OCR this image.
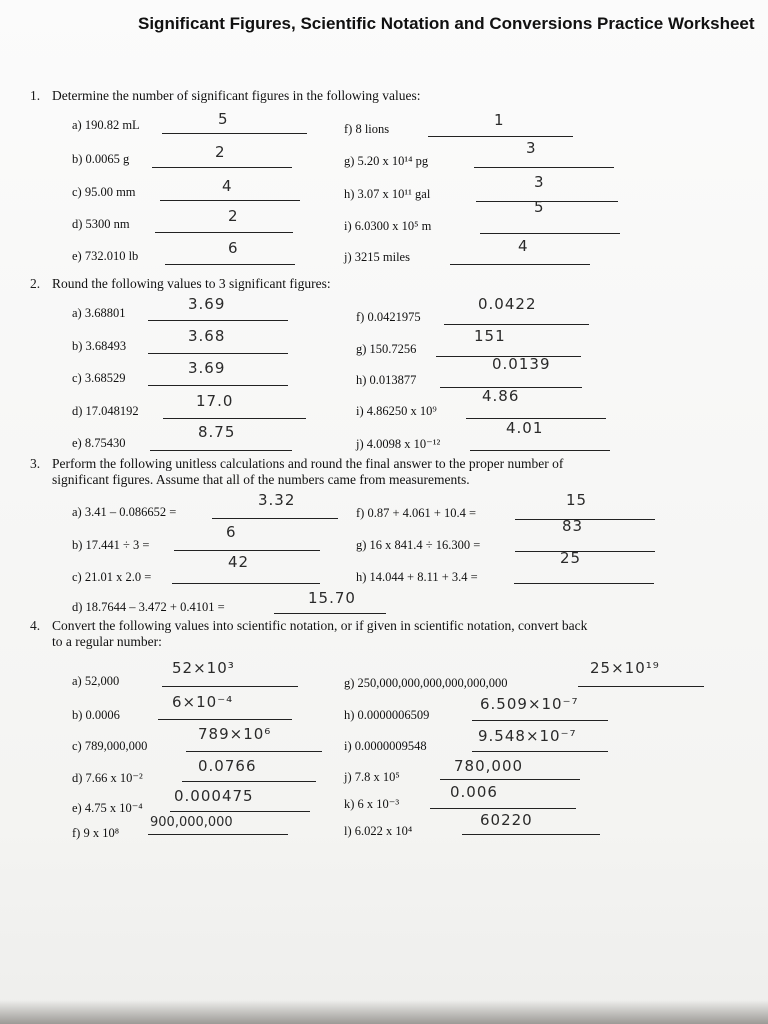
Significant Figures, Scientific Notation and Conversions Practice Worksheet
1. Determine the number of significant figures in the following values:
a) 190.82 mL	5
b) 0.0065 g	2
c) 95.00 mm	4
d) 5300 nm	2
e) 732.010 lb	6
f) 8 lions	1
g) 5.20 x 10¹⁴ pg
3
h) 3.07 x 10¹¹ gal
3
i) 6.0300 x 10⁵ m
5
j) 3215 miles
4
2. Round the following values to 3 significant figures:
a) 3.68801	3.69
b) 3.68493
3.68
c) 3.68529
3.69
d) 17.048192
17.0
e) 8.75430
8.75
f) 0.0421975
0.0422
g) 150.7256
151
h) 0.013877
0.0139
i) 4.86250 x 10⁹
4.86
j) 4.0098 x 10⁻¹²
4.01
3. Perform the following unitless calculations and round the final answer to the proper number of
significant figures. Assume that all of the numbers came from measurements.
a) 3.41 – 0.086652 =
3.32
b) 17.441 ÷ 3 =
6
c) 21.01 x 2.0 =
42
d) 18.7644 – 3.472 + 0.4101 =	15.70
f) 0.87 + 4.061 + 10.4 =
15
g) 16 x 841.4 ÷ 16.300 =
83
h) 14.044 + 8.11 + 3.4 =
25
4. Convert the following values into scientific notation, or if given in scientific notation, convert back
to a regular number:
a) 52,000
52×10³
b) 0.0006
6×10⁻⁴
c) 789,000,000
789×10⁶
d) 7.66 x 10⁻²
0.0766
e) 4.75 x 10⁻⁴
0.000475
f) 9 x 10⁸
900,000,000
g) 250,000,000,000,000,000,000
25×10¹⁹
h) 0.0000006509
6.509×10⁻⁷
i) 0.0000009548
9.548×10⁻⁷
j) 7.8 x 10⁵
780,000
k) 6 x 10⁻³
0.006
l) 6.022 x 10⁴
60220
